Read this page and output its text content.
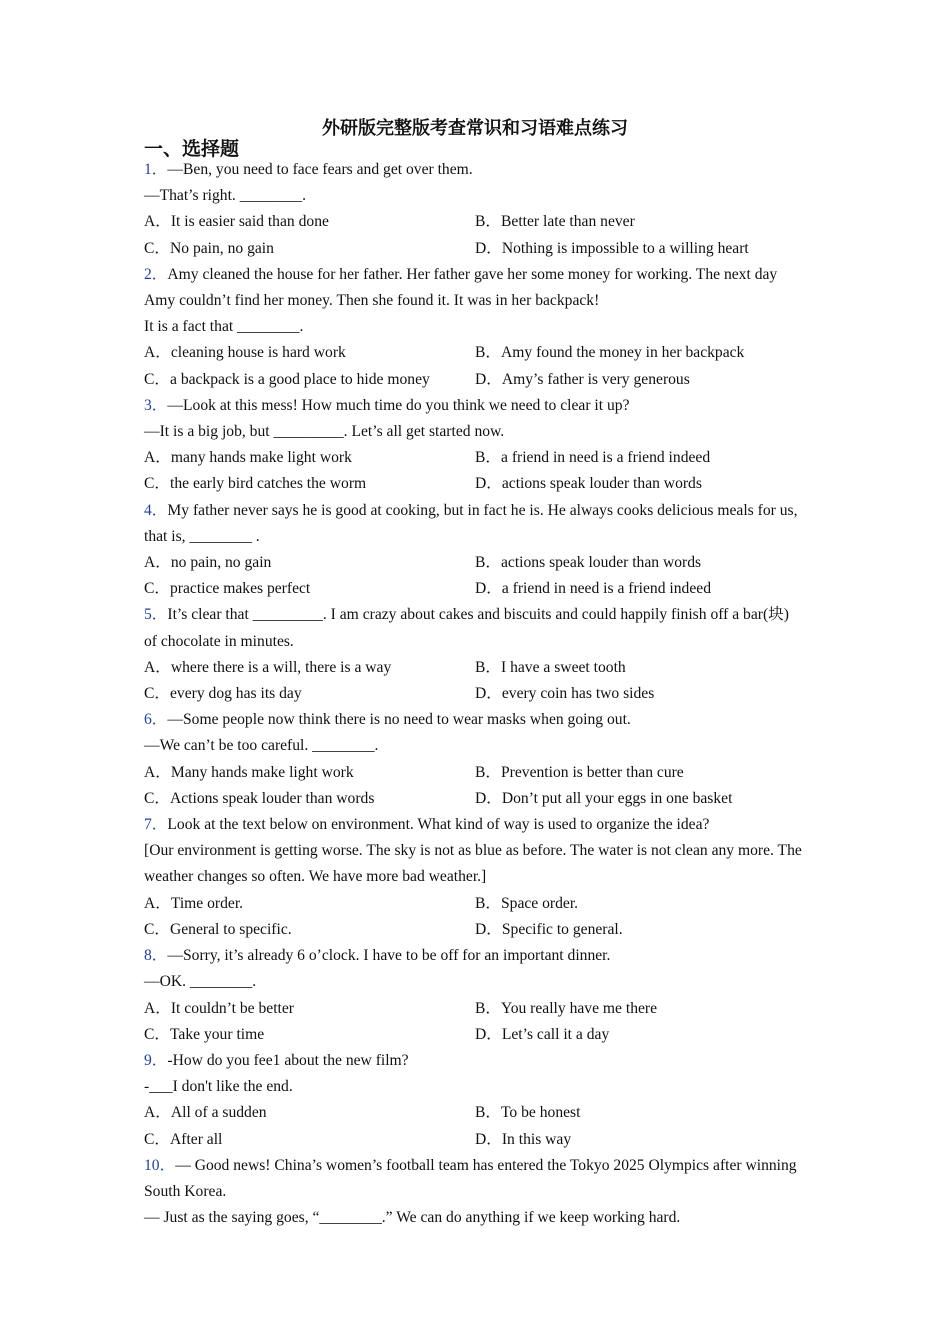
外研版完整版考查常识和习语难点练习
一、选择题

1．—Ben, you need to face fears and get over them.

—That’s right. ________.

A．It is easier said than done	B．Better late than never
C．No pain, no gain	D．Nothing is impossible to a willing heart

2．Amy cleaned the house for her father. Her father gave her some money for working. The next day Amy couldn’t find her money. Then she found it. It was in her backpack!

It is a fact that ________.

A．cleaning house is hard work	B．Amy found the money in her backpack
C．a backpack is a good place to hide money	D．Amy’s father is very generous

3．—Look at this mess! How much time do you think we need to clear it up?

—It is a big job, but _________. Let’s all get started now.

A．many hands make light work	B．a friend in need is a friend indeed
C．the early bird catches the worm	D．actions speak louder than words

4．My father never says he is good at cooking, but in fact he is. He always cooks delicious meals for us, that is, ________ .

A．no pain, no gain	B．actions speak louder than words
C．practice makes perfect	D．a friend in need is a friend indeed

5．It’s clear that _________. I am crazy about cakes and biscuits and could happily finish off a bar(块) of chocolate in minutes.

A．where there is a will, there is a way	B．I have a sweet tooth
C．every dog has its day	D．every coin has two sides

6．—Some people now think there is no need to wear masks when going out.

—We can’t be too careful. ________.

A．Many hands make light work	B．Prevention is better than cure
C．Actions speak louder than words	D．Don’t put all your eggs in one basket

7．Look at the text below on environment. What kind of way is used to organize the idea?

[Our environment is getting worse. The sky is not as blue as before. The water is not clean any more. The weather changes so often. We have more bad weather.]

A．Time order.	B．Space order.
C．General to specific.	D．Specific to general.

8．—Sorry, it’s already 6 o’clock. I have to be off for an important dinner.

—OK. ________.

A．It couldn’t be better	B．You really have me there
C．Take your time	D．Let’s call it a day

9．-How do you fee1 about the new film?

-___I don't like the end.

A．All of a sudden	B．To be honest
C．After all	D．In this way

10．— Good news! China’s women’s football team has entered the Tokyo 2025 Olympics after winning South Korea.

— Just as the saying goes, “________.” We can do anything if we keep working hard.
